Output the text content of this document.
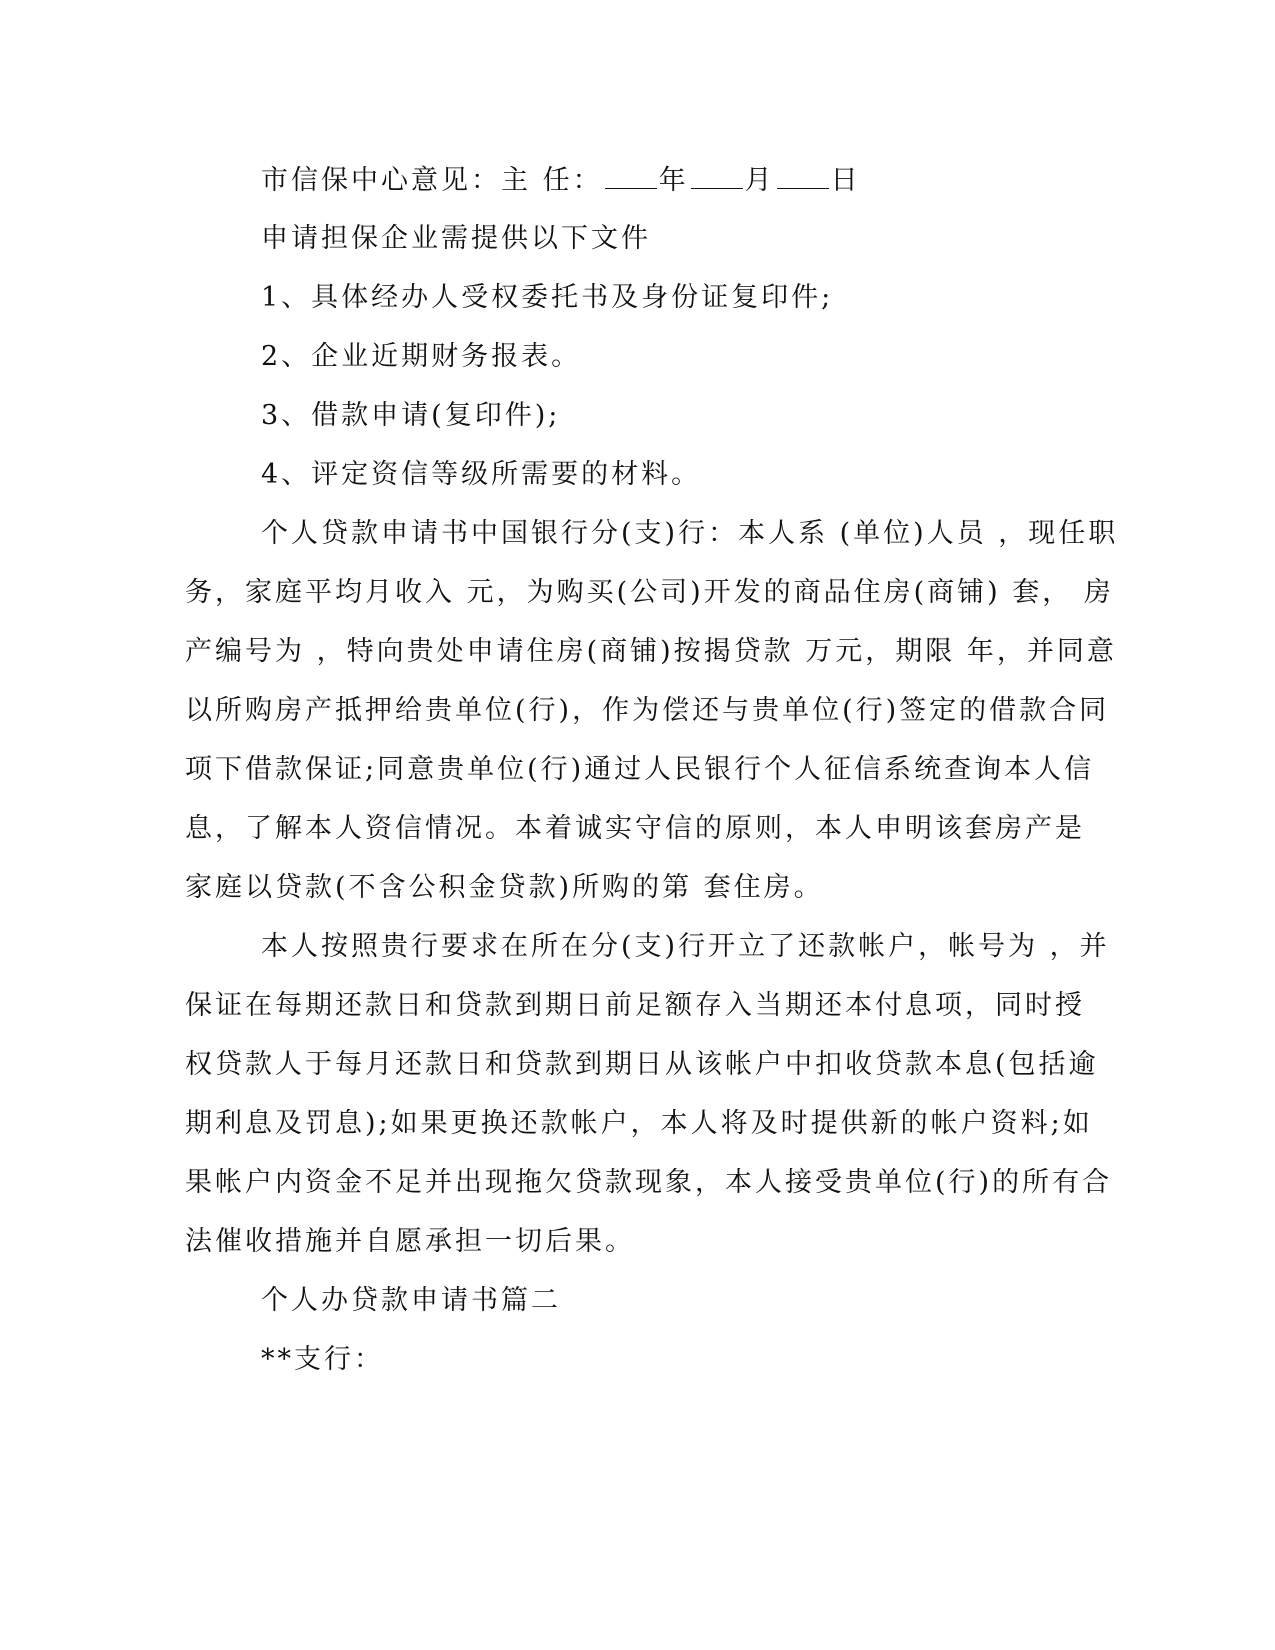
市信保中心意见：主 任： 年 月 日
申请担保企业需提供以下文件
1、具体经办人受权委托书及身份证复印件;
2、企业近期财务报表。
3、借款申请(复印件);
4、评定资信等级所需要的材料。
个人贷款申请书中国银行分(支)行：本人系 (单位)人员 ，现任职
务，家庭平均月收入 元，为购买(公司)开发的商品住房(商铺) 套， 房
产编号为 ，特向贵处申请住房(商铺)按揭贷款 万元，期限 年，并同意
以所购房产抵押给贵单位(行)，作为偿还与贵单位(行)签定的借款合同
项下借款保证;同意贵单位(行)通过人民银行个人征信系统查询本人信
息，了解本人资信情况。本着诚实守信的原则，本人申明该套房产是
家庭以贷款(不含公积金贷款)所购的第 套住房。
本人按照贵行要求在所在分(支)行开立了还款帐户，帐号为 ，并
保证在每期还款日和贷款到期日前足额存入当期还本付息项，同时授
权贷款人于每月还款日和贷款到期日从该帐户中扣收贷款本息(包括逾
期利息及罚息);如果更换还款帐户，本人将及时提供新的帐户资料;如
果帐户内资金不足并出现拖欠贷款现象，本人接受贵单位(行)的所有合
法催收措施并自愿承担一切后果。
个人办贷款申请书篇二
**支行：
